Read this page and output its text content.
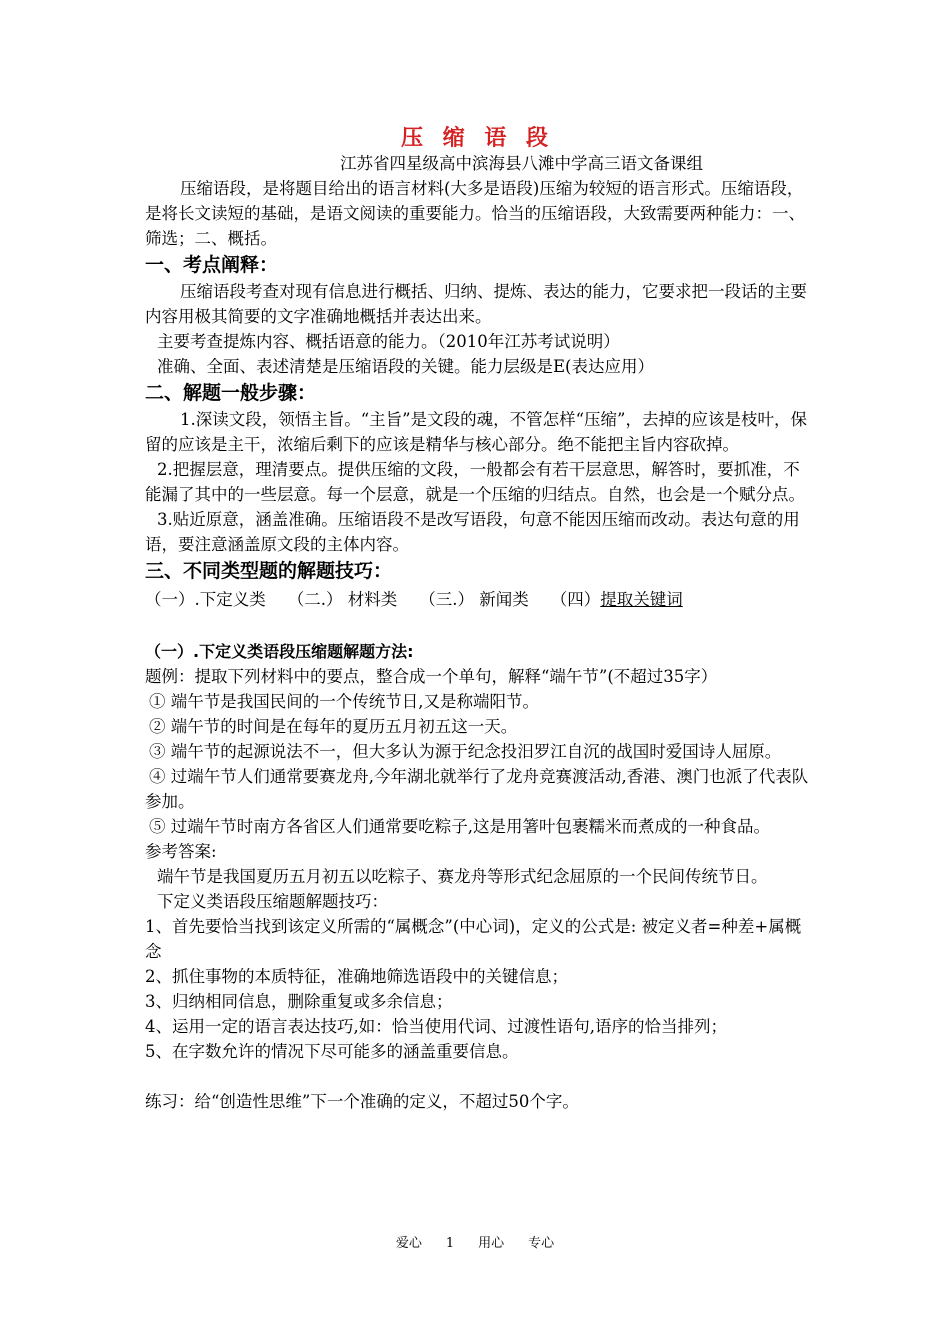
压 缩 语 段

江苏省四星级高中滨海县八滩中学高三语文备课组

压缩语段，是将题目给出的语言材料(大多是语段)压缩为较短的语言形式。压缩语段，是将长文读短的基础，是语文阅读的重要能力。恰当的压缩语段，大致需要两种能力：一、筛选；二、概括。

一、考点阐释：

压缩语段考查对现有信息进行概括、归纳、提炼、表达的能力，它要求把一段话的主要内容用极其简要的文字准确地概括并表达出来。

主要考查提炼内容、概括语意的能力。（2010年江苏考试说明）

准确、全面、表述清楚是压缩语段的关键。能力层级是E(表达应用）

二、解题一般步骤：

1.深读文段，领悟主旨。“主旨”是文段的魂，不管怎样“压缩”，去掉的应该是枝叶，保留的应该是主干，浓缩后剩下的应该是精华与核心部分。绝不能把主旨内容砍掉。

2.把握层意，理清要点。提供压缩的文段，一般都会有若干层意思，解答时，要抓准，不能漏了其中的一些层意。每一个层意，就是一个压缩的归结点。自然，也会是一个赋分点。

3.贴近原意，涵盖准确。压缩语段不是改写语段，句意不能因压缩而改动。表达句意的用语，要注意涵盖原文段的主体内容。

三、不同类型题的解题技巧：
（一）.下定义类 （二.） 材料类 （三.） 新闻类 （四）提取关键词
（一）.下定义类语段压缩题解题方法:

题例：提取下列材料中的要点，整合成一个单句，解释“端午节”(不超过35字）

① 端午节是我国民间的一个传统节日,又是称端阳节。

② 端午节的时间是在每年的夏历五月初五这一天。

③ 端午节的起源说法不一，但大多认为源于纪念投汨罗江自沉的战国时爱国诗人屈原。

④ 过端午节人们通常要赛龙舟,今年湖北就举行了龙舟竞赛渡活动,香港、澳门也派了代表队参加。

⑤ 过端午节时南方各省区人们通常要吃粽子,这是用箸叶包裹糯米而煮成的一种食品。

参考答案:

端午节是我国夏历五月初五以吃粽子、赛龙舟等形式纪念屈原的一个民间传统节日。

下定义类语段压缩题解题技巧：

1、首先要恰当找到该定义所需的“属概念”(中心词)，定义的公式是: 被定义者=种差+属概念

2、抓住事物的本质特征，准确地筛选语段中的关键信息；

3、归纳相同信息，删除重复或多余信息；

4、运用一定的语言表达技巧,如：恰当使用代词、过渡性语句,语序的恰当排列；

5、在字数允许的情况下尽可能多的涵盖重要信息。

练习：给“创造性思维”下一个准确的定义，不超过50个字。

爱心 1 用心 专心
